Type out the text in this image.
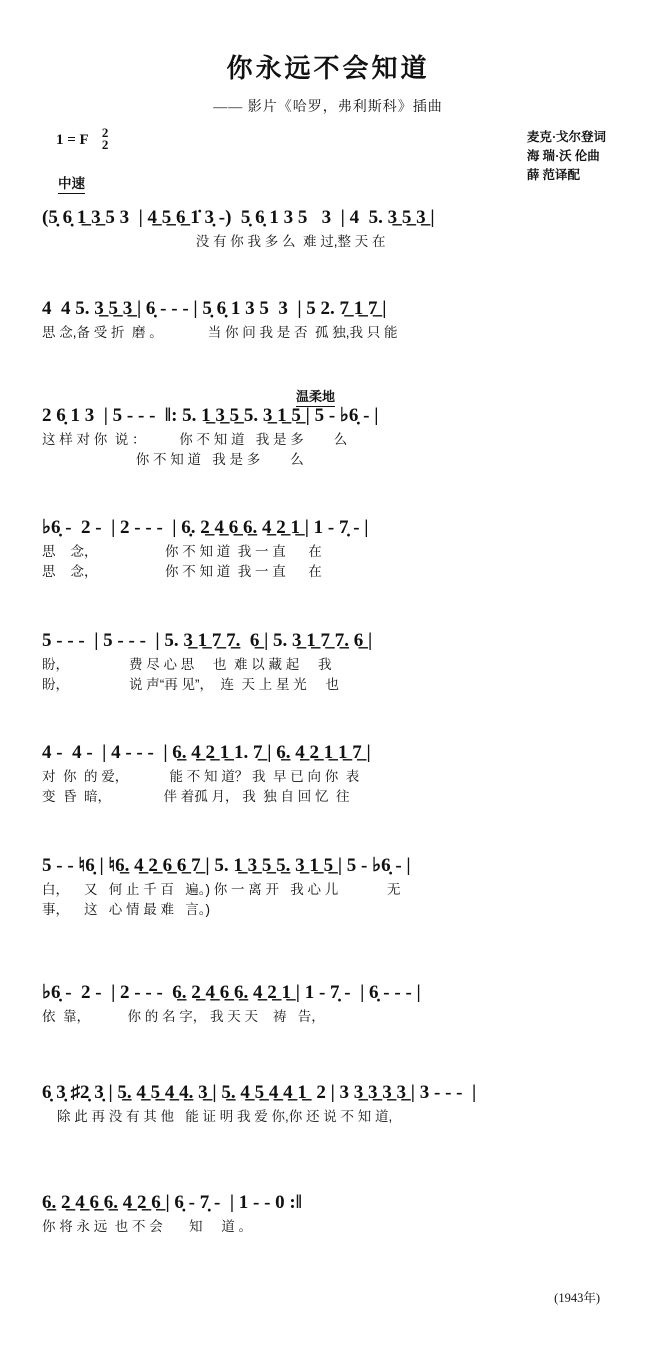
你永远不会知道
—— 影片《哈罗，弗利斯科》插曲
1 = F 2
2
麦克·戈尔登词
海 瑞·沃 伦曲
薛 范译配
中速
温柔地
(5̣ 6̣ 1̲ 3̲ 5 3  | 4̲ 5̲ 6̲ 1̇ 3̣ -)  5̣ 6̣ 1 3 5   3  | 4  5. 3̲ 5̲ 3̲ |
没 有 你 我 多 么  难 过,整 天 在
4  4 5. 3̲ 5̲ 3̲ | 6̣ - - - | 5̣ 6̣ 1 3 5  3  | 5 2. 7̲ 1̲ 7̲ |
思 念,备 受 折  磨 。            当 你 问 我 是 否  孤 独,我 只 能
2 6̣ 1 3  | 5 - - -  ‖: 5. 1̲ 3̲ 5̲ 5. 3̲ 1̲ 5̲ | 5 - ♭6̣ - |
这 样 对 你  说 ：         你 不 知 道   我 是 多        么
你 不 知 道   我 是 多        么
♭6̣ -  2 -  | 2 - - -  | 6̣. 2̲ 4̲ 6̲ 6̲. 4̲ 2̲ 1̲ | 1 - 7̣ - |
思    念，                  你 不 知 道  我 一 直      在
思    念，                  你 不 知 道  我 一 直      在
5 - - -  | 5 - - -  | 5. 3̲ 1̲ 7̲ 7̲.  6̲ | 5. 3̲ 1̲ 7̲ 7̲. 6̲ |
盼，                费 尽 心 思     也  难 以 藏 起     我
盼，                说 声“再 见”，  连  天 上 星 光     也
4 -  4 -  | 4 - - -  | 6̲. 4̲ 2̲ 1̲ 1. 7̲ | 6̲. 4̲ 2̲ 1̲ 1̲ 7̲ |
对  你  的 爱，           能 不 知 道？ 我  早 已 向 你  表
变  昏  暗，              伴 着孤 月， 我  独 自 回 忆  往
5 - - ♮6̣ | ♮6̲. 4̲ 2̲ 6̲ 6̲ 7̲ | 5. 1̲ 3̲ 5̲ 5̲. 3̲ 1̲ 5̲ | 5 - ♭6̣ - |
白，    又   何 止 千 百   遍。) 你 一 离 开   我 心 儿             无
事，    这   心 情 最 难   言。)
♭6̣ -  2 -  | 2 - - -  6̲. 2̲ 4̲ 6̲ 6̲. 4̲ 2̲ 1̲ | 1 - 7̣ -  | 6̣ - - - |
依  靠，          你 的 名 字， 我 天 天    祷   告，
6̣ 3̣ ♯2̣ 3̣ | 5̲. 4̲ 5̲ 4̲ 4̲. 3̲ | 5̲. 4̲ 5̲ 4̲ 4̲ 1̲  2 | 3 3̲ 3̲ 3̲ 3̲ | 3 - - -  |
除 此 再 没 有 其 他   能 证 明 我 爱 你,你 还 说 不 知 道,
6̲. 2̲ 4̲ 6̲ 6̲. 4̲ 2̲ 6̲ | 6̣ - 7̣ -  | 1 - - 0 :‖
你 将 永 远  也 不 会       知     道 。
(1943年)
